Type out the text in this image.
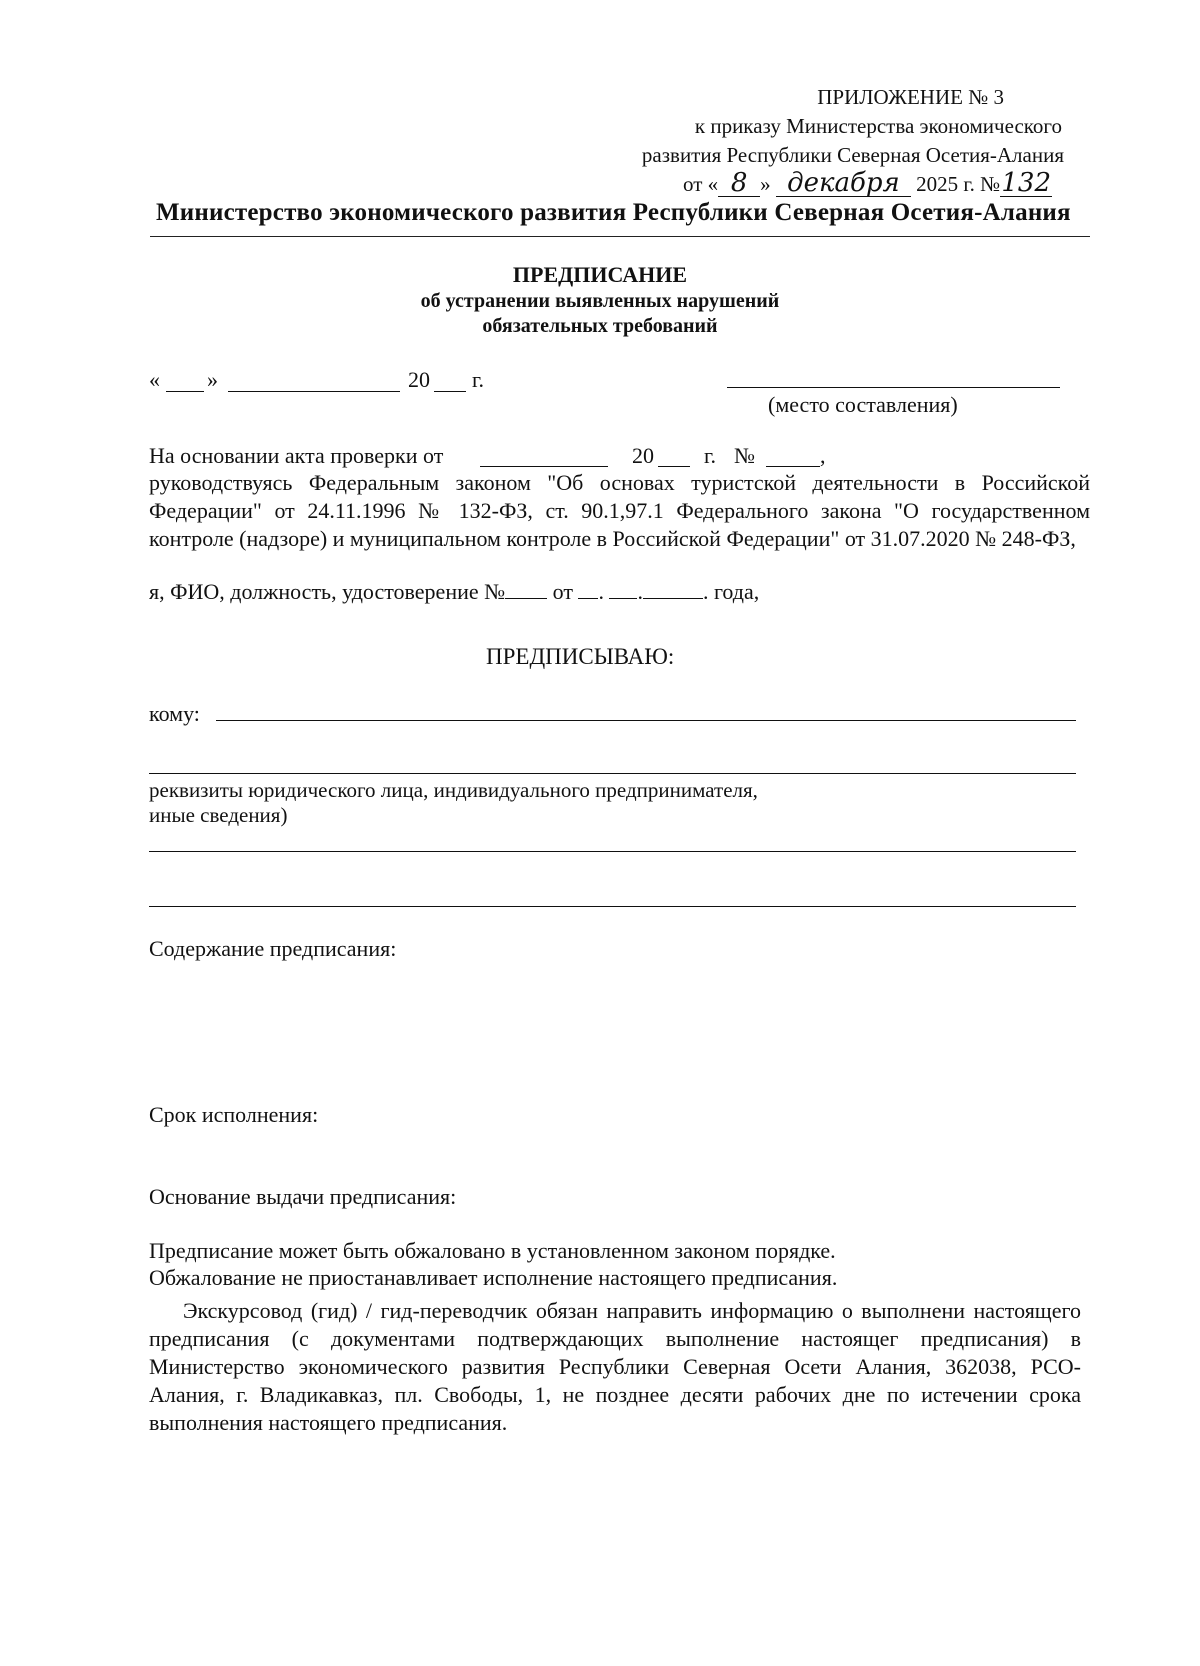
ПРИЛОЖЕНИЕ № 3
к приказу Министерства экономического
развития Республики Северная Осетия-Алания
от « 8 » декабря 2025 г. №132
Министерство экономического развития Республики Северная Осетия-Алания
ПРЕДПИСАНИЕ
об устранении выявленных нарушений
обязательных требований
« »	20 г.
(место составления)
На основании акта проверки от	20 г. №	,
руководствуясь Федеральным законом "Об основах туристской деятельности в Российской Федерации" от 24.11.1996 № 132-ФЗ, ст. 90.1,97.1 Федерального закона "О государственном контроле (надзоре) и муниципальном контроле в Российской Федерации" от 31.07.2020 № 248-ФЗ,
я, ФИО, должность, удостоверение № от . .	. года,
ПРЕДПИСЫВАЮ:
кому:
реквизиты юридического лица, индивидуального предпринимателя,
иные сведения)
Содержание предписания:
Срок исполнения:
Основание выдачи предписания:
Предписание может быть обжаловано в установленном законом порядке.
Обжалование не приостанавливает исполнение настоящего предписания.
Экскурсовод (гид) / гид-переводчик обязан направить информацию о выполнени настоящего предписания (с документами подтверждающих выполнение настоящег предписания) в Министерство экономического развития Республики Северная Осети Алания, 362038, РСО-Алания, г. Владикавказ, пл. Свободы, 1, не позднее десяти рабочих дне по истечении срока выполнения настоящего предписания.
